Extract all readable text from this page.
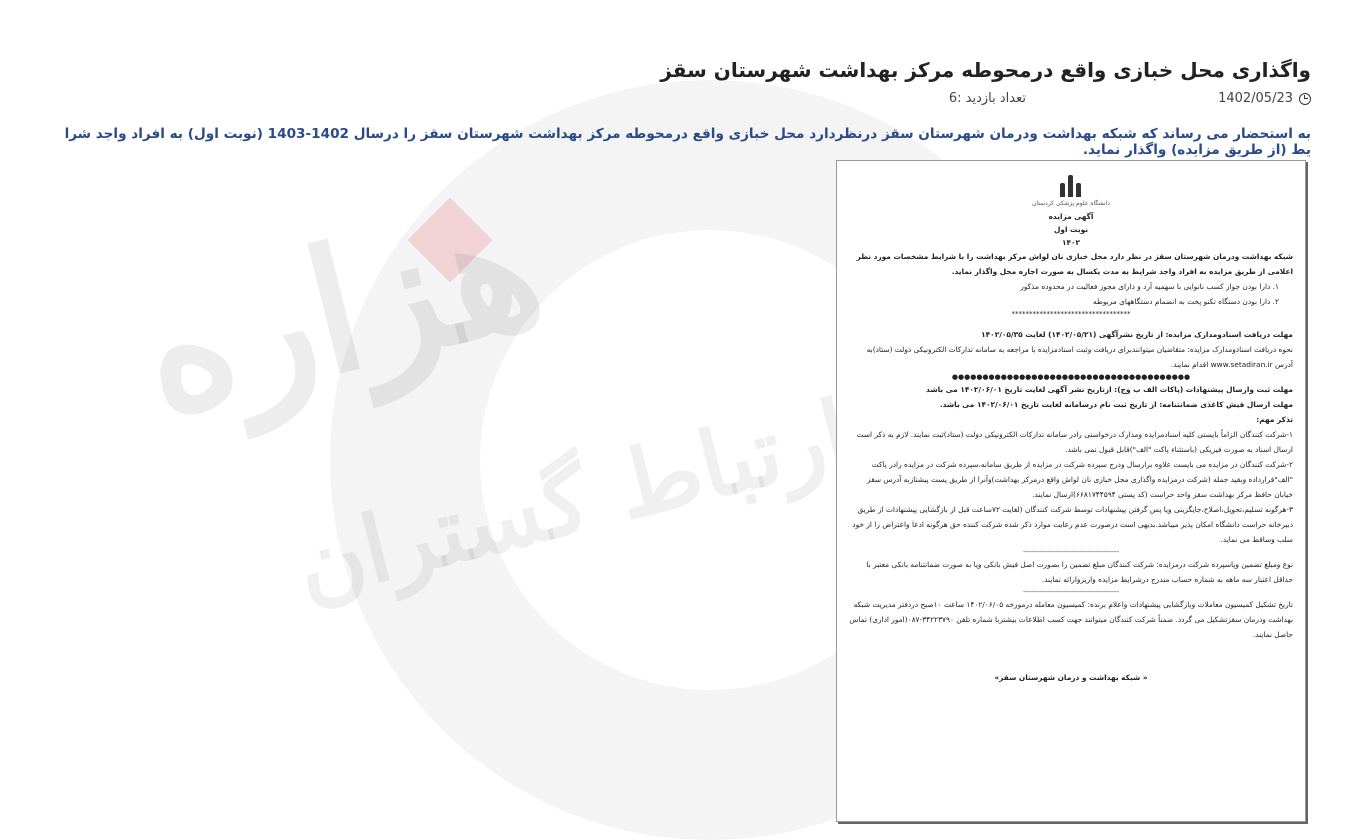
هزاره
ارتباط گستران
واگذاری محل خبازی واقع درمحوطه مرکز بهداشت شهرستان سقز
1402/05/23
تعداد بازدید :6
به استحضار می رساند که شبکه بهداشت ودرمان شهرستان سقز درنظردارد محل خبازی واقع درمحوطه مرکز بهداشت شهرستان سقز را درسال 1402-1403 (نوبت اول) به افراد واجد شرا یط (از طریق مزایده) واگذار نماید.
دانشگاه علوم پزشکی کردستان
آگهی مزایده
نوبت اول
۱۴۰۲

شبکه بهداشت ودرمان شهرستان سقز در نظر دارد محل خبازی نان لواش مرکز بهداشت را با شرایط مشخصات مورد نظر اعلامی از طریق مزایده به افراد واجد شرایط به مدت یکسال به صورت اجاره محل واگذار نماید.

۱. دارا بودن جواز کسب نانوایی با سهمیه آرد و دارای مجوز فعالیت در محدوده مذکور

۲. دارا بودن دستگاه تکنو پخت به انضمام دستگاههای مربوطه

**********************************

مهلت دریافت اسنادومدارک مزایده: از تاریخ نشرآگهی (۱۴۰۲/۰۵/۲۱) لغایت ۱۴۰۲/۰۵/۳۵

نحوه دریافت اسنادومدارک مزایده: متقاضیان میتوانندبرای دریافت وثبت اسنادمزایده با مراجعه به سامانه تدارکات الکترونیکی دولت (ستاد)به آدرس www.setadiran.ir اقدام نمایند.

●●●●●●●●●●●●●●●●●●●●●●●●●●●●●●●●●●●●●●●

مهلت ثبت وارسال پیشنهادات (پاکات الف ب وج): ازتاریخ نشر آگهی لغایت تاریخ ۱۴۰۲/۰۶/۰۱ می باشد

مهلت ارسال فیش کاغذی ضمانتنامه: از تاریخ ثبت نام درسامانه لغایت تاریخ ۱۴۰۲/۰۶/۰۱ می باشد.

تذکر مهم:

۱-شرکت کنندگان الزاماً بایستی کلیه اسنادمزایده ومدارک درخواستی رادر سامانه تدارکات الکترونیکی دولت (ستاد)ثبت نمایند. لازم به ذکر است ارسال اسناد به صورت فیزیکی (باستثناء پاکت "الف")قابل قبول نمی باشد.

۲-شرکت کنندگان در مزایده می بایست علاوه برارسال ودرج سپرده شرکت در مزایده از طریق سامانه،سپرده شرکت در مزایده رادر پاکت "الف"قرارداده وبقید جمله (شرکت درمزایده واگذاری محل خبازی نان لواش واقع درمرکز بهداشت)وآنرا از طریق پست پیشتازبه آدرس سقز خیابان حافظ مرکز بهداشت سقز واحد حراست (کد پستی ۶۶۸۱۷۴۴۵۹۴)ارسال نمایند.

۳-هرگونه تسلیم،تحویل،اصلاح،جایگزینی ویا پس گرفتن پیشنهادات توسط شرکت کنندگان (لغایت ۷۲ساعت قبل از بازگشایی پیشنهادات از طریق دبیرخانه حراست دانشگاه امکان پذیر میباشد.بدیهی است درصورت عدم رعایت موارد ذکر شده شرکت کننده حق هرگونه ادعا واعتراض را از خود سلب وساقط می نماید.

------------------------------------

نوع ومبلغ تضمین وپاسپرده شرکت درمزایده: شرکت کنندگان مبلغ تضمین را بصورت اصل فیش بانکی ویا به صورت ضمانتنامه بانکی معتبر با حداقل اعتبار سه ماهه به شماره حساب مندرج درشرایط مزایده واریزوارائه نمایند.

------------------------------------

تاریخ تشکیل کمیسیون معاملات وبازگشایی پیشنهادات واعلام برنده: کمیسیون معامله درمورخه ۱۴۰۲/۰۶/۰۵ ساعت ۱۰صبح دردفتر مدیریت شبکه بهداشت ودرمان سقزتشکیل می گردد. ضمناً شرکت کنندگان میتوانند جهت کسب اطلاعات بیشتربا شماره تلفن ۳۴۲۲۳۷۹۰-۰۸۷(امور اداری) تماس حاصل نمایند.

« شبکه بهداشت و درمان شهرستان سقز»
